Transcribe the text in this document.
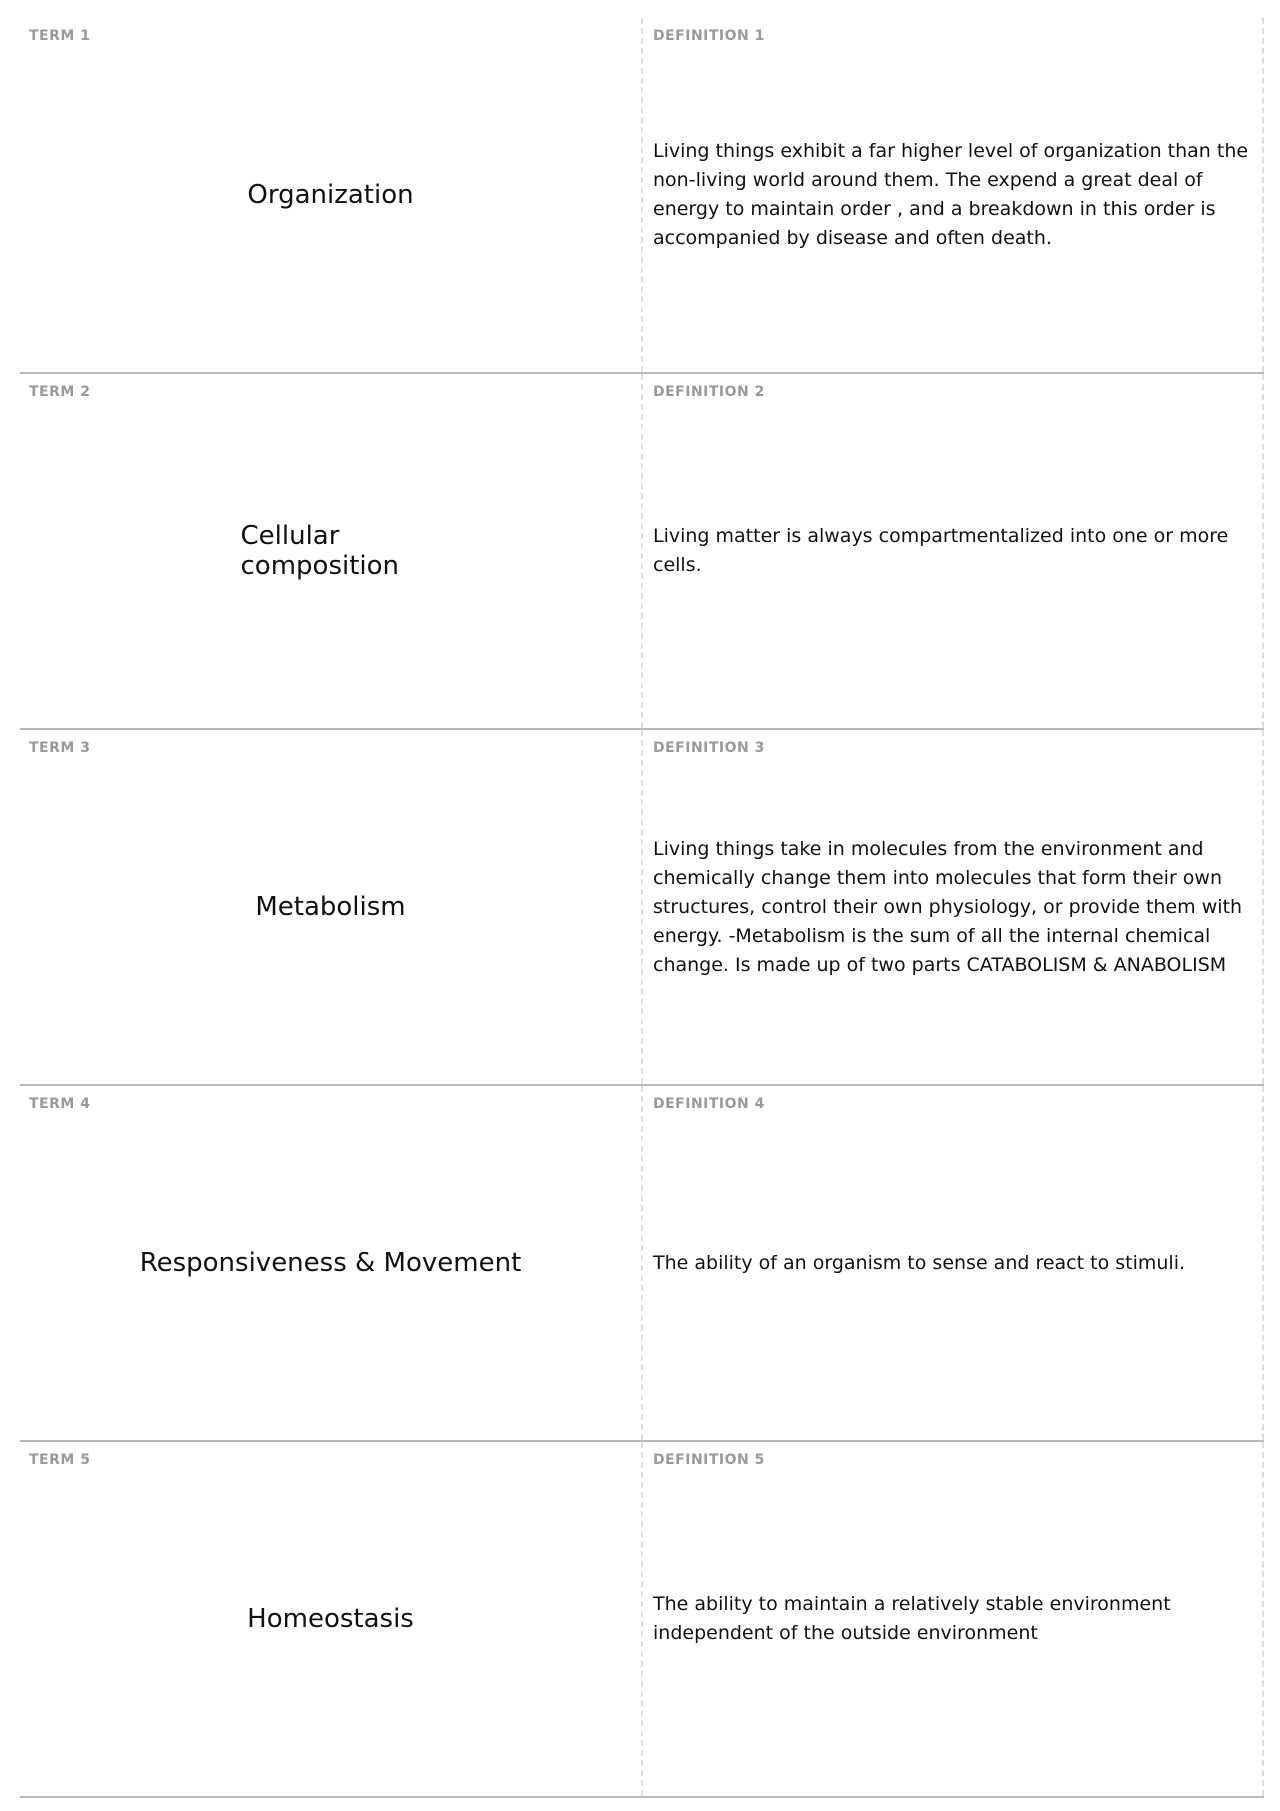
TERM 1
Organization
DEFINITION 1
Living things exhibit a far higher level of organization than the non-living world around them. The expend a great deal of energy to maintain order , and a breakdown in this order is accompanied by disease and often death.
TERM 2
Cellular composition
DEFINITION 2
Living matter is always compartmentalized into one or more cells.
TERM 3
Metabolism
DEFINITION 3
Living things take in molecules from the environment and chemically change them into molecules that form their own structures, control their own physiology, or provide them with energy. -Metabolism is the sum of all the internal chemical change. Is made up of two parts CATABOLISM & ANABOLISM
TERM 4
Responsiveness & Movement
DEFINITION 4
The ability of an organism to sense and react to stimuli.
TERM 5
Homeostasis
DEFINITION 5
The ability to maintain a relatively stable environment independent of the outside environment
